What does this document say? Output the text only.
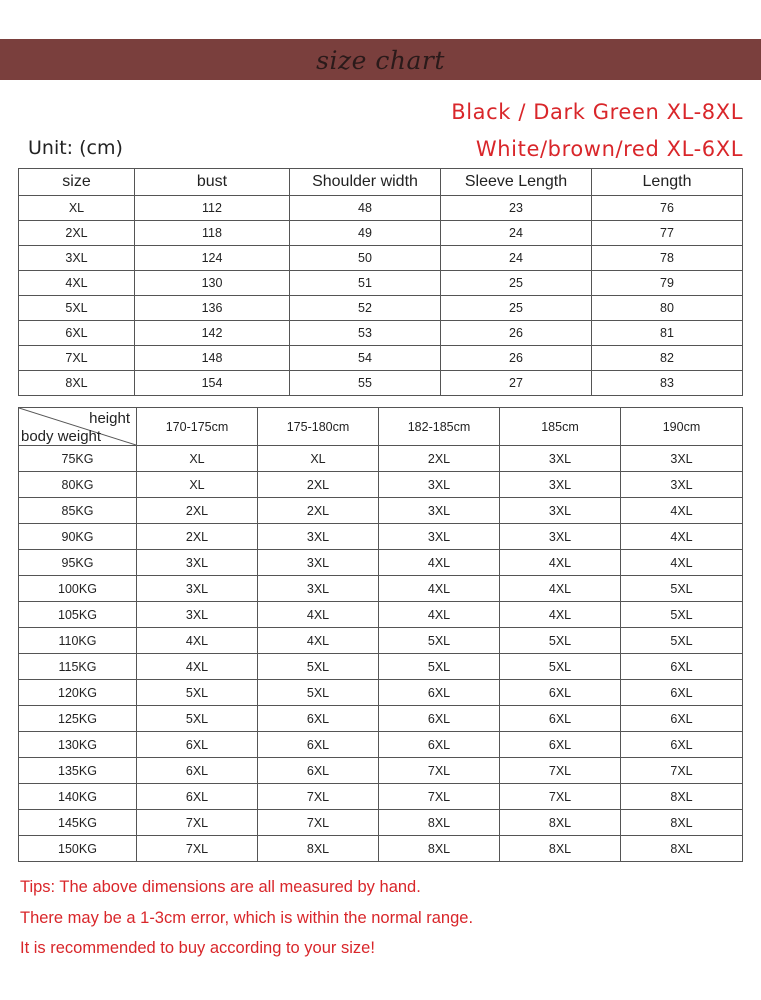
size chart
Unit: (cm)
Black / Dark Green XL-8XL
White/brown/red XL-6XL
size	bust	Shoulder width	Sleeve Length	Length
XL	112	48	23	76
2XL	118	49	24	77
3XL	124	50	24	78
4XL	130	51	25	79
5XL	136	52	25	80
6XL	142	53	26	81
7XL	148	54	26	82
8XL	154	55	27	83
height
body weight	170-175cm	175-180cm	182-185cm	185cm	190cm
75KG	XL	XL	2XL	3XL	3XL
80KG	XL	2XL	3XL	3XL	3XL
85KG	2XL	2XL	3XL	3XL	4XL
90KG	2XL	3XL	3XL	3XL	4XL
95KG	3XL	3XL	4XL	4XL	4XL
100KG	3XL	3XL	4XL	4XL	5XL
105KG	3XL	4XL	4XL	4XL	5XL
110KG	4XL	4XL	5XL	5XL	5XL
115KG	4XL	5XL	5XL	5XL	6XL
120KG	5XL	5XL	6XL	6XL	6XL
125KG	5XL	6XL	6XL	6XL	6XL
130KG	6XL	6XL	6XL	6XL	6XL
135KG	6XL	6XL	7XL	7XL	7XL
140KG	6XL	7XL	7XL	7XL	8XL
145KG	7XL	7XL	8XL	8XL	8XL
150KG	7XL	8XL	8XL	8XL	8XL
Tips: The above dimensions are all measured by hand.
There may be a 1-3cm error, which is within the normal range.
It is recommended to buy according to your size!
